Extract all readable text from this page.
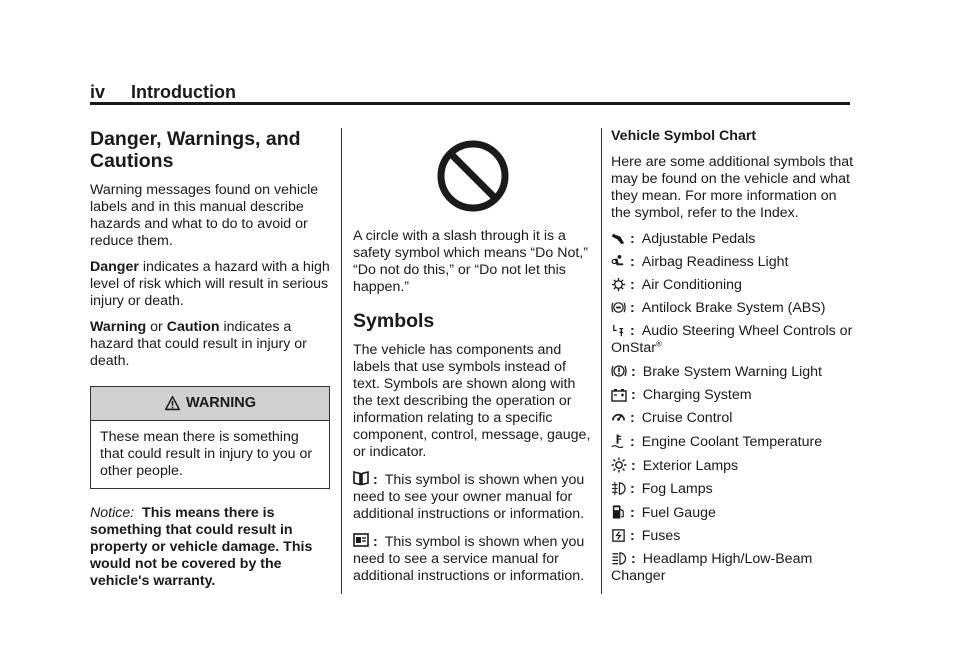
iv Introduction
Danger, Warnings, and Cautions

Warning messages found on vehicle labels and in this manual describe hazards and what to do to avoid or reduce them.

Danger indicates a hazard with a high level of risk which will result in serious injury or death.

Warning or Caution indicates a hazard that could result in injury or death.

WARNING
These mean there is something that could result in injury to you or other people.

Notice: This means there is something that could result in property or vehicle damage. This would not be covered by the vehicle's warranty.

A circle with a slash through it is a safety symbol which means “Do Not,” “Do not do this,” or “Do not let this happen.”

Symbols

The vehicle has components and labels that use symbols instead of text. Symbols are shown along with the text describing the operation or information relating to a specific component, control, message, gauge, or indicator.

: This symbol is shown when you need to see your owner manual for additional instructions or information.

: This symbol is shown when you need to see a service manual for additional instructions or information.

Vehicle Symbol Chart

Here are some additional symbols that may be found on the vehicle and what they mean. For more information on the symbol, refer to the Index.

: Adjustable Pedals
: Airbag Readiness Light
: Air Conditioning
: Antilock Brake System (ABS)
: Audio Steering Wheel Controls or OnStar®
: Brake System Warning Light
: Charging System
: Cruise Control
: Engine Coolant Temperature
: Exterior Lamps
: Fog Lamps
: Fuel Gauge
: Fuses
: Headlamp High/Low-Beam Changer
